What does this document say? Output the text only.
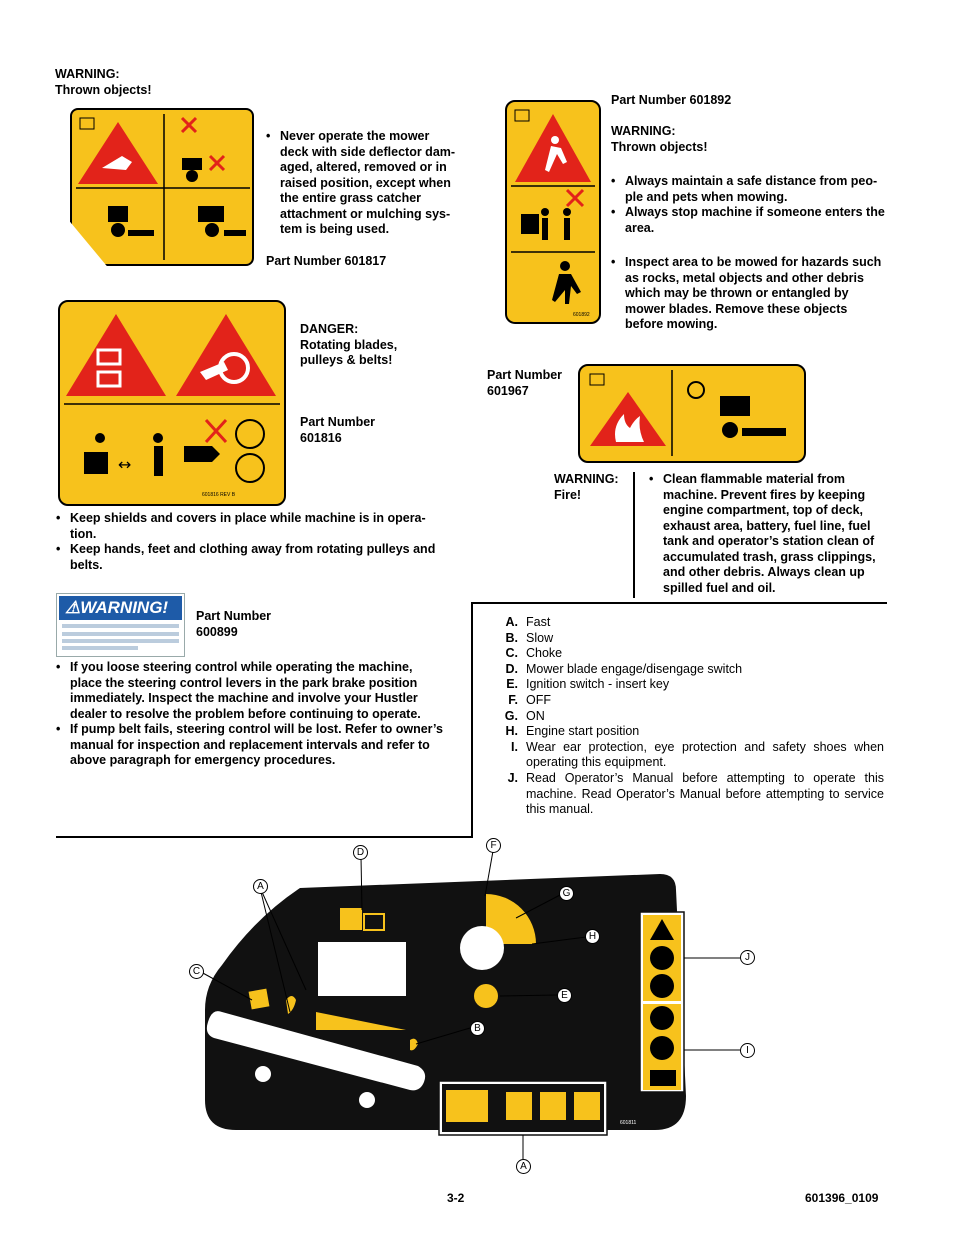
WARNING:
Thrown objects!
• Never operate the mower deck with side deflector dam- aged, altered, removed or in raised position, except when the entire grass catcher attachment or mulching sys- tem is being used.
Part Number 601817
601892
Part Number 601892
WARNING:
Thrown objects!
• Always maintain a safe distance from peo- ple and pets when mowing.
• Always stop machine if someone enters the area.
• Inspect area to be mowed for hazards such as rocks, metal objects and other debris which may be thrown or entangled by mower blades. Remove these objects before mowing.
↔
601816 REV B
DANGER:
Rotating blades,
pulleys & belts!
Part Number
601816
• Keep shields and covers in place while machine is in opera- tion.
• Keep hands, feet and clothing away from rotating pulleys and belts.
Part Number
601967
WARNING:
Fire!
• Clean flammable material from machine. Prevent fires by keeping engine compartment, top of deck, exhaust area, battery, fuel line, fuel tank and operator’s station clean of accumulated trash, grass clippings, and other debris. Always clean up spilled fuel and oil.
⚠WARNING!	Part Number
600899
• If you loose steering control while operating the machine, place the steering control levers in the park brake position immediately. Inspect the machine and involve your Hustler dealer to resolve the problem before continuing to operate.
• If pump belt fails, steering control will be lost. Refer to owner’s manual for inspection and replacement intervals and refer to above paragraph for emergency procedures.
A. Fast
B. Slow
C. Choke
D. Mower blade engage/disengage switch
E. Ignition switch - insert key
F. OFF
G. ON
H. Engine start position
I. Wear ear protection, eye protection and safety shoes when operating this equipment.
J. Read Operator’s Manual before attempting to operate this machine. Read Operator’s Manual before attempting to service this manual.
601811
A
A
B
C
D
E
F
G
H
I
J
3-2	601396_0109
